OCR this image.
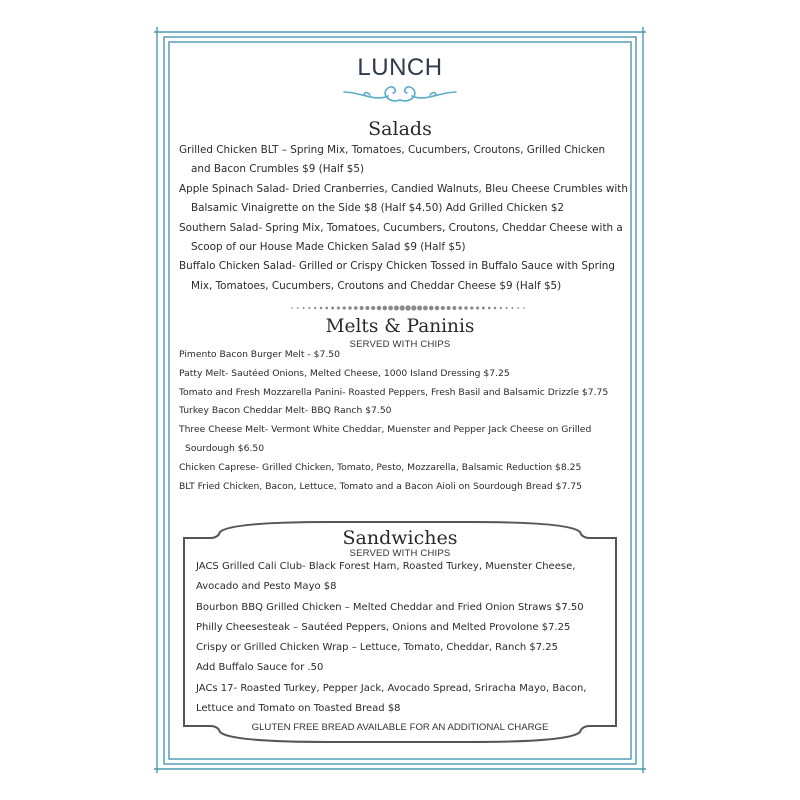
LUNCH
Salads

Grilled Chicken BLT – Spring Mix, Tomatoes, Cucumbers, Croutons, Grilled Chicken
and Bacon Crumbles $9 (Half $5)

Apple Spinach Salad- Dried Cranberries, Candied Walnuts, Bleu Cheese Crumbles with
Balsamic Vinaigrette on the Side $8 (Half $4.50) Add Grilled Chicken $2

Southern Salad- Spring Mix, Tomatoes, Cucumbers, Croutons, Cheddar Cheese with a
Scoop of our House Made Chicken Salad $9 (Half $5)

Buffalo Chicken Salad- Grilled or Crispy Chicken Tossed in Buffalo Sauce with Spring
Mix, Tomatoes, Cucumbers, Croutons and Cheddar Cheese $9 (Half $5)

Melts & Paninis
SERVED WITH CHIPS

Pimento Bacon Burger Melt - $7.50

Patty Melt- Sautéed Onions, Melted Cheese, 1000 Island Dressing $7.25

Tomato and Fresh Mozzarella Panini- Roasted Peppers, Fresh Basil and Balsamic Drizzle $7.75

Turkey Bacon Cheddar Melt- BBQ Ranch $7.50

Three Cheese Melt- Vermont White Cheddar, Muenster and Pepper Jack Cheese on Grilled
Sourdough $6.50

Chicken Caprese- Grilled Chicken, Tomato, Pesto, Mozzarella, Balsamic Reduction $8.25

BLT Fried Chicken, Bacon, Lettuce, Tomato and a Bacon Aioli on Sourdough Bread $7.75

Sandwiches
SERVED WITH CHIPS

JACS Grilled Cali Club- Black Forest Ham, Roasted Turkey, Muenster Cheese,
Avocado and Pesto Mayo $8

Bourbon BBQ Grilled Chicken – Melted Cheddar and Fried Onion Straws $7.50

Philly Cheesesteak – Sautéed Peppers, Onions and Melted Provolone $7.25

Crispy or Grilled Chicken Wrap – Lettuce, Tomato, Cheddar, Ranch $7.25

Add Buffalo Sauce for .50

JACs 17- Roasted Turkey, Pepper Jack, Avocado Spread, Sriracha Mayo, Bacon,
Lettuce and Tomato on Toasted Bread $8

GLUTEN FREE BREAD AVAILABLE FOR AN ADDITIONAL CHARGE
